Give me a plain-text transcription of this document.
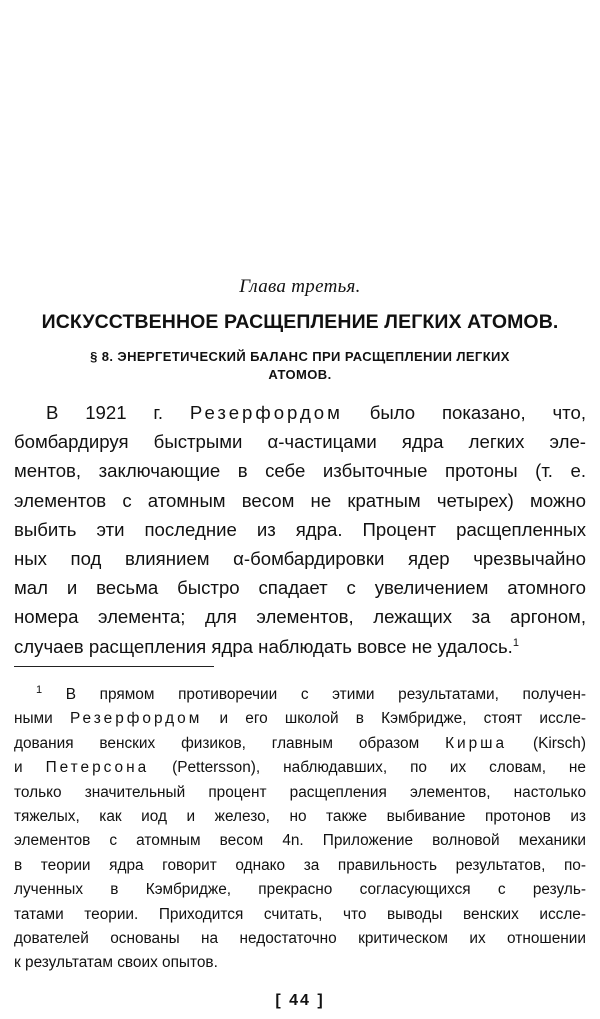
Глава третья.
ИСКУССТВЕННОЕ РАСЩЕПЛЕНИЕ ЛЕГКИХ АТОМОВ.
§ 8. ЭНЕРГЕТИЧЕСКИЙ БАЛАНС ПРИ РАСЩЕПЛЕНИИ ЛЕГКИХ
АТОМОВ.
В 1921 г. Резерфордом было показано, что,
бомбардируя быстрыми α-частицами ядра легких эле-
ментов, заключающие в себе избыточные протоны (т. е.
элементов с атомным весом не кратным четырех) можно
выбить эти последние из ядра. Процент расщепленных
ных под влиянием α-бомбардировки ядер чрезвычайно
мал и весьма быстро спадает с увеличением атомного
номера элемента; для элементов, лежащих за аргоном,
случаев расщепления ядра наблюдать вовсе не удалось.$^1$
$^1$ В прямом противоречии с этими результатами, получен-
ными Резерфордом и его школой в Кэмбридже, стоят иссле-
дования венских физиков, главным образом Кирша (Kirsch)
и Петерсона (Pettersson), наблюдавших, по их словам, не
только значительный процент расщепления элементов, настолько
тяжелых, как иод и железо, но также выбивание протонов из
элементов с атомным весом 4n. Приложение волновой механики
в теории ядра говорит однако за правильность результатов, по-
лученных в Кэмбридже, прекрасно согласующихся с резуль-
татами теории. Приходится считать, что выводы венских иссле-
дователей основаны на недостаточно критическом их отношении
к результатам своих опытов.
[ 44 ]
